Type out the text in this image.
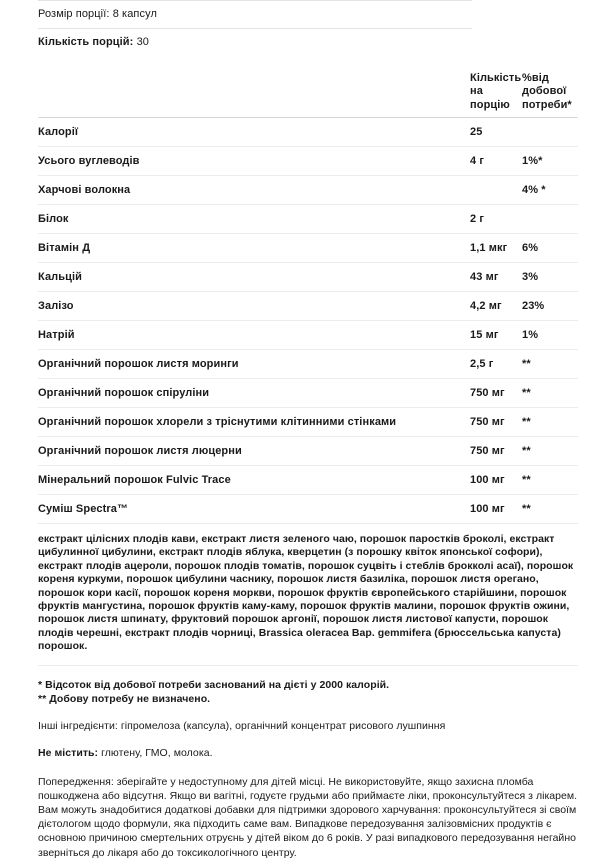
Розмір порції: 8 капсул
Кількість порцій: 30
	Кількість на порцію	%від добової потреби*
Калорії	25	
Усього вуглеводів	4 г	1%*
Харчові волокна		4% *
Білок	2 г	
Вітамін Д	1,1 мкг	6%
Кальцій	43 мг	3%
Залізо	4,2 мг	23%
Натрій	15 мг	1%
Органічний порошок листя моринги	2,5 г	**
Органічний порошок спіруліни	750 мг	**
Органічний порошок хлорели з тріснутими клітинними стінками	750 мг	**
Органічний порошок листя люцерни	750 мг	**
Мінеральний порошок Fulvic Trace	100 мг	**
Суміш Spectra™	100 мг	**
екстракт цілісних плодів кави, екстракт листя зеленого чаю, порошок паростків броколі, екстракт цибулинної цибулини, екстракт плодів яблука, кверцетин (з порошку квіток японської софори), екстракт плодів ацероли, порошок плодів томатів, порошок суцвіть і стеблів брокколі асаї), порошок кореня куркуми, порошок цибулини часнику, порошок листя базиліка, порошок листя орегано, порошок кори касії, порошок кореня моркви, порошок фруктів європейського старійшини, порошок фруктів мангустина, порошок фруктів каму-каму, порошок фруктів малини, порошок фруктів ожини, порошок листя шпинату, фруктовий порошок аргонії, порошок листя листової капусти, порошок плодів черешні, екстракт плодів чорниці, Brassica oleracea Bap. gemmifera (брюссельська капуста) порошок.
* Відсоток від добової потреби заснований на дієті у 2000 калорій.
** Добову потребу не визначено.
Інші інгредієнти: гіпромелоза (капсула), органічний концентрат рисового лушпиння
Не містить: глютену, ГМО, молока.
Попередження: зберігайте у недоступному для дітей місці. Не використовуйте, якщо захисна пломба пошкоджена або відсутня. Якщо ви вагітні, годуєте грудьми або приймаєте ліки, проконсультуйтеся з лікарем. Вам можуть знадобитися додаткові добавки для підтримки здорового харчування: проконсультуйтеся зі своїм дієтологом щодо формули, яка підходить саме вам. Випадкове передозування залізовмісних продуктів є основною причиною смертельних отруєнь у дітей віком до 6 років. У разі випадкового передозування негайно зверніться до лікаря або до токсикологічного центру.
